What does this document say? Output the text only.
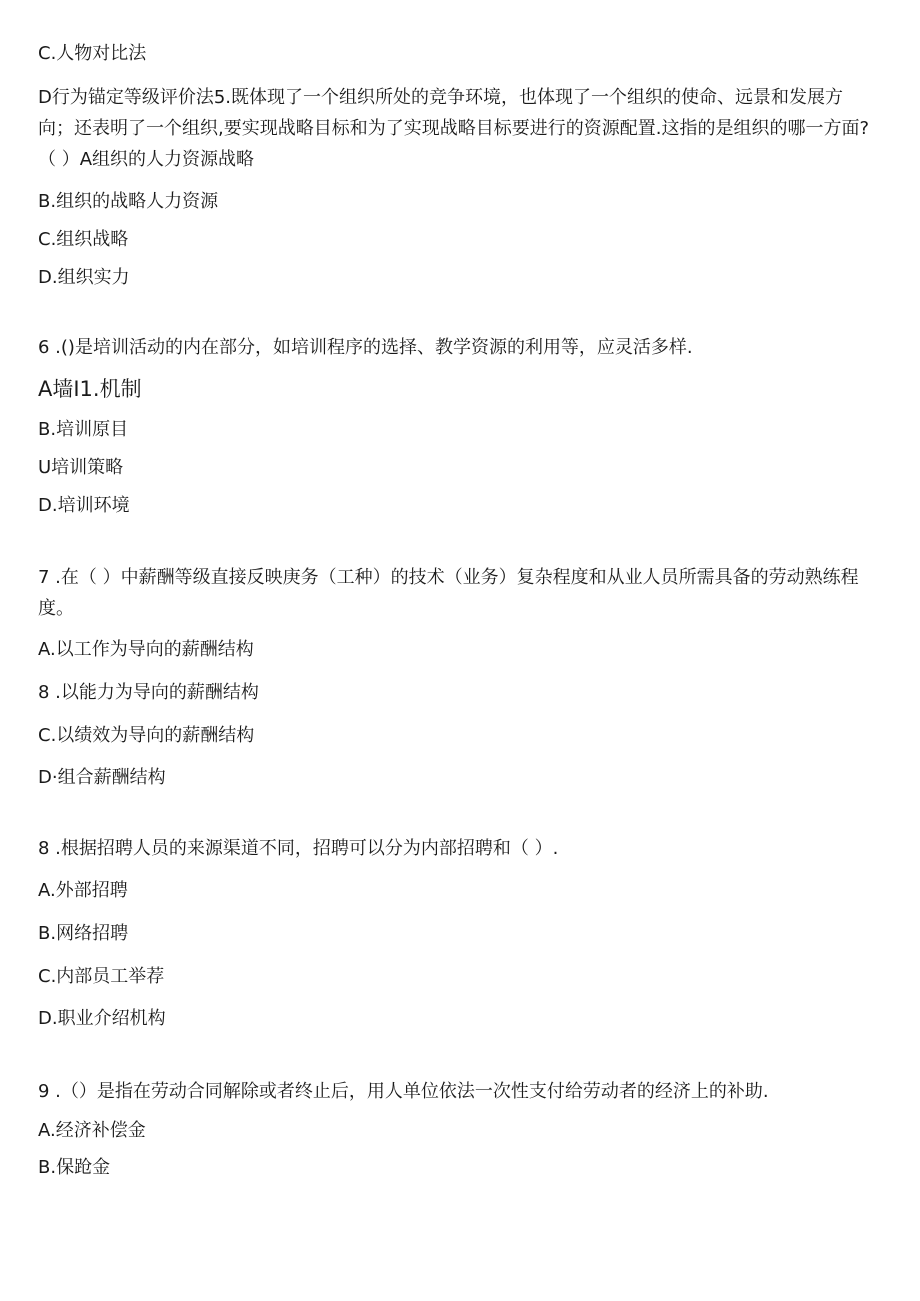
C.人物对比法
D行为锚定等级评价法5.既体现了一个组织所处的竞争环境，也体现了一个组织的使命、远景和发展方向；还表明了一个组织,要实现战略目标和为了实现战略目标要进行的资源配置.这指的是组织的哪一方面?（ ）A组织的人力资源战略
B.组织的战略人力资源
C.组织战略
D.组织实力
6 .()是培训活动的内在部分，如培训程序的选择、教学资源的利用等，应灵活多样.
A墙I1.机制
B.培训原目
U培训策略
D.培训环境
7 .在（ ）中薪酬等级直接反映庚务（工种）的技术（业务）复杂程度和从业人员所需具备的劳动熟练程度。
A.以工作为导向的薪酬结构
8 .以能力为导向的薪酬结构
C.以绩效为导向的薪酬结构
D·组合薪酬结构
8 .根据招聘人员的来源渠道不同，招聘可以分为内部招聘和（ ）.
A.外部招聘
B.网络招聘
C.内部员工举荐
D.职业介绍机构
9 .（）是指在劳动合同解除或者终止后，用人单位依法一次性支付给劳动者的经济上的补助.
A.经济补偿金
B.保跄金
